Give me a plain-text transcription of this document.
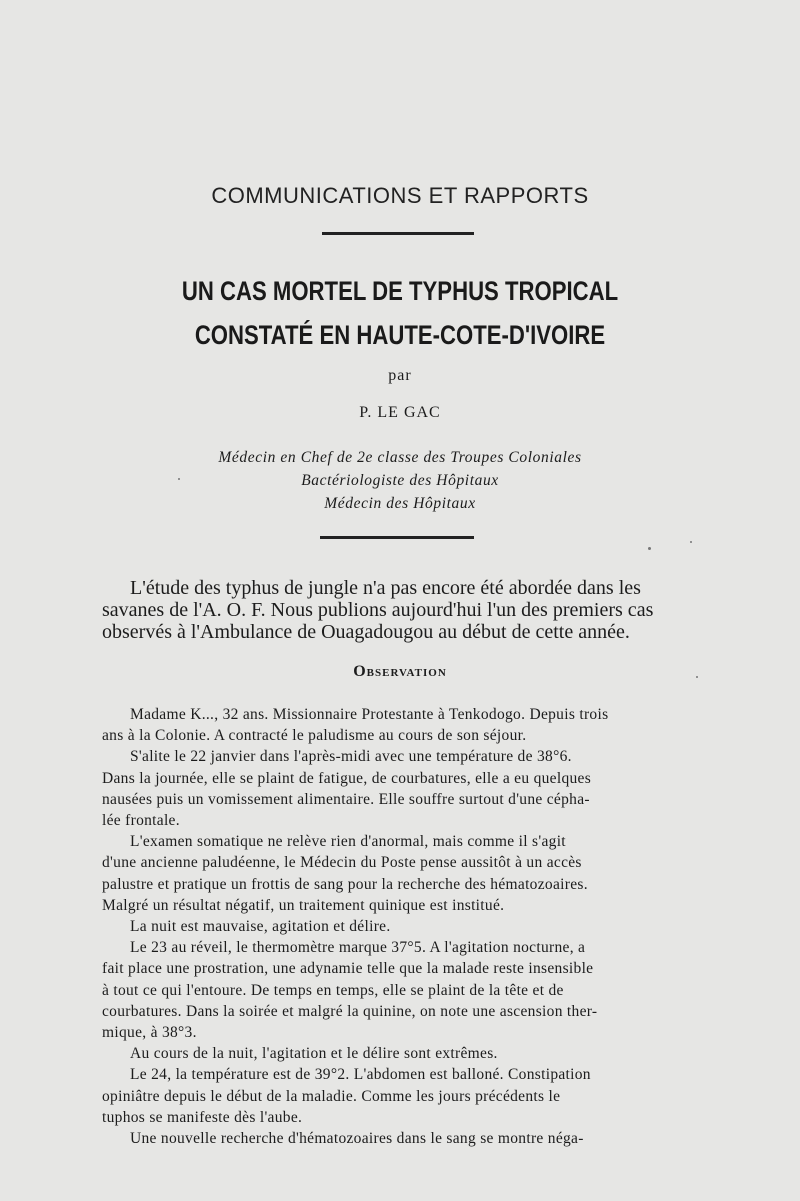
COMMUNICATIONS ET RAPPORTS
UN CAS MORTEL DE TYPHUS TROPICAL
CONSTATÉ EN HAUTE-COTE-D'IVOIRE
par
P. LE GAC
Médecin en Chef de 2e classe des Troupes Coloniales
Bactériologiste des Hôpitaux
Médecin des Hôpitaux
L'étude des typhus de jungle n'a pas encore été abordée dans les
savanes de l'A. O. F. Nous publions aujourd'hui l'un des premiers cas
observés à l'Ambulance de Ouagadougou au début de cette année.
Observation
Madame K..., 32 ans. Missionnaire Protestante à Tenkodogo. Depuis trois
ans à la Colonie. A contracté le paludisme au cours de son séjour.
S'alite le 22 janvier dans l'après-midi avec une température de 38°6.
Dans la journée, elle se plaint de fatigue, de courbatures, elle a eu quelques
nausées puis un vomissement alimentaire. Elle souffre surtout d'une cépha-
lée frontale.
L'examen somatique ne relève rien d'anormal, mais comme il s'agit
d'une ancienne paludéenne, le Médecin du Poste pense aussitôt à un accès
palustre et pratique un frottis de sang pour la recherche des hématozoaires.
Malgré un résultat négatif, un traitement quinique est institué.
La nuit est mauvaise, agitation et délire.
Le 23 au réveil, le thermomètre marque 37°5. A l'agitation nocturne, a
fait place une prostration, une adynamie telle que la malade reste insensible
à tout ce qui l'entoure. De temps en temps, elle se plaint de la tête et de
courbatures. Dans la soirée et malgré la quinine, on note une ascension ther-
mique, à 38°3.
Au cours de la nuit, l'agitation et le délire sont extrêmes.
Le 24, la température est de 39°2. L'abdomen est balloné. Constipation
opiniâtre depuis le début de la maladie. Comme les jours précédents le
tuphos se manifeste dès l'aube.
Une nouvelle recherche d'hématozoaires dans le sang se montre néga-
